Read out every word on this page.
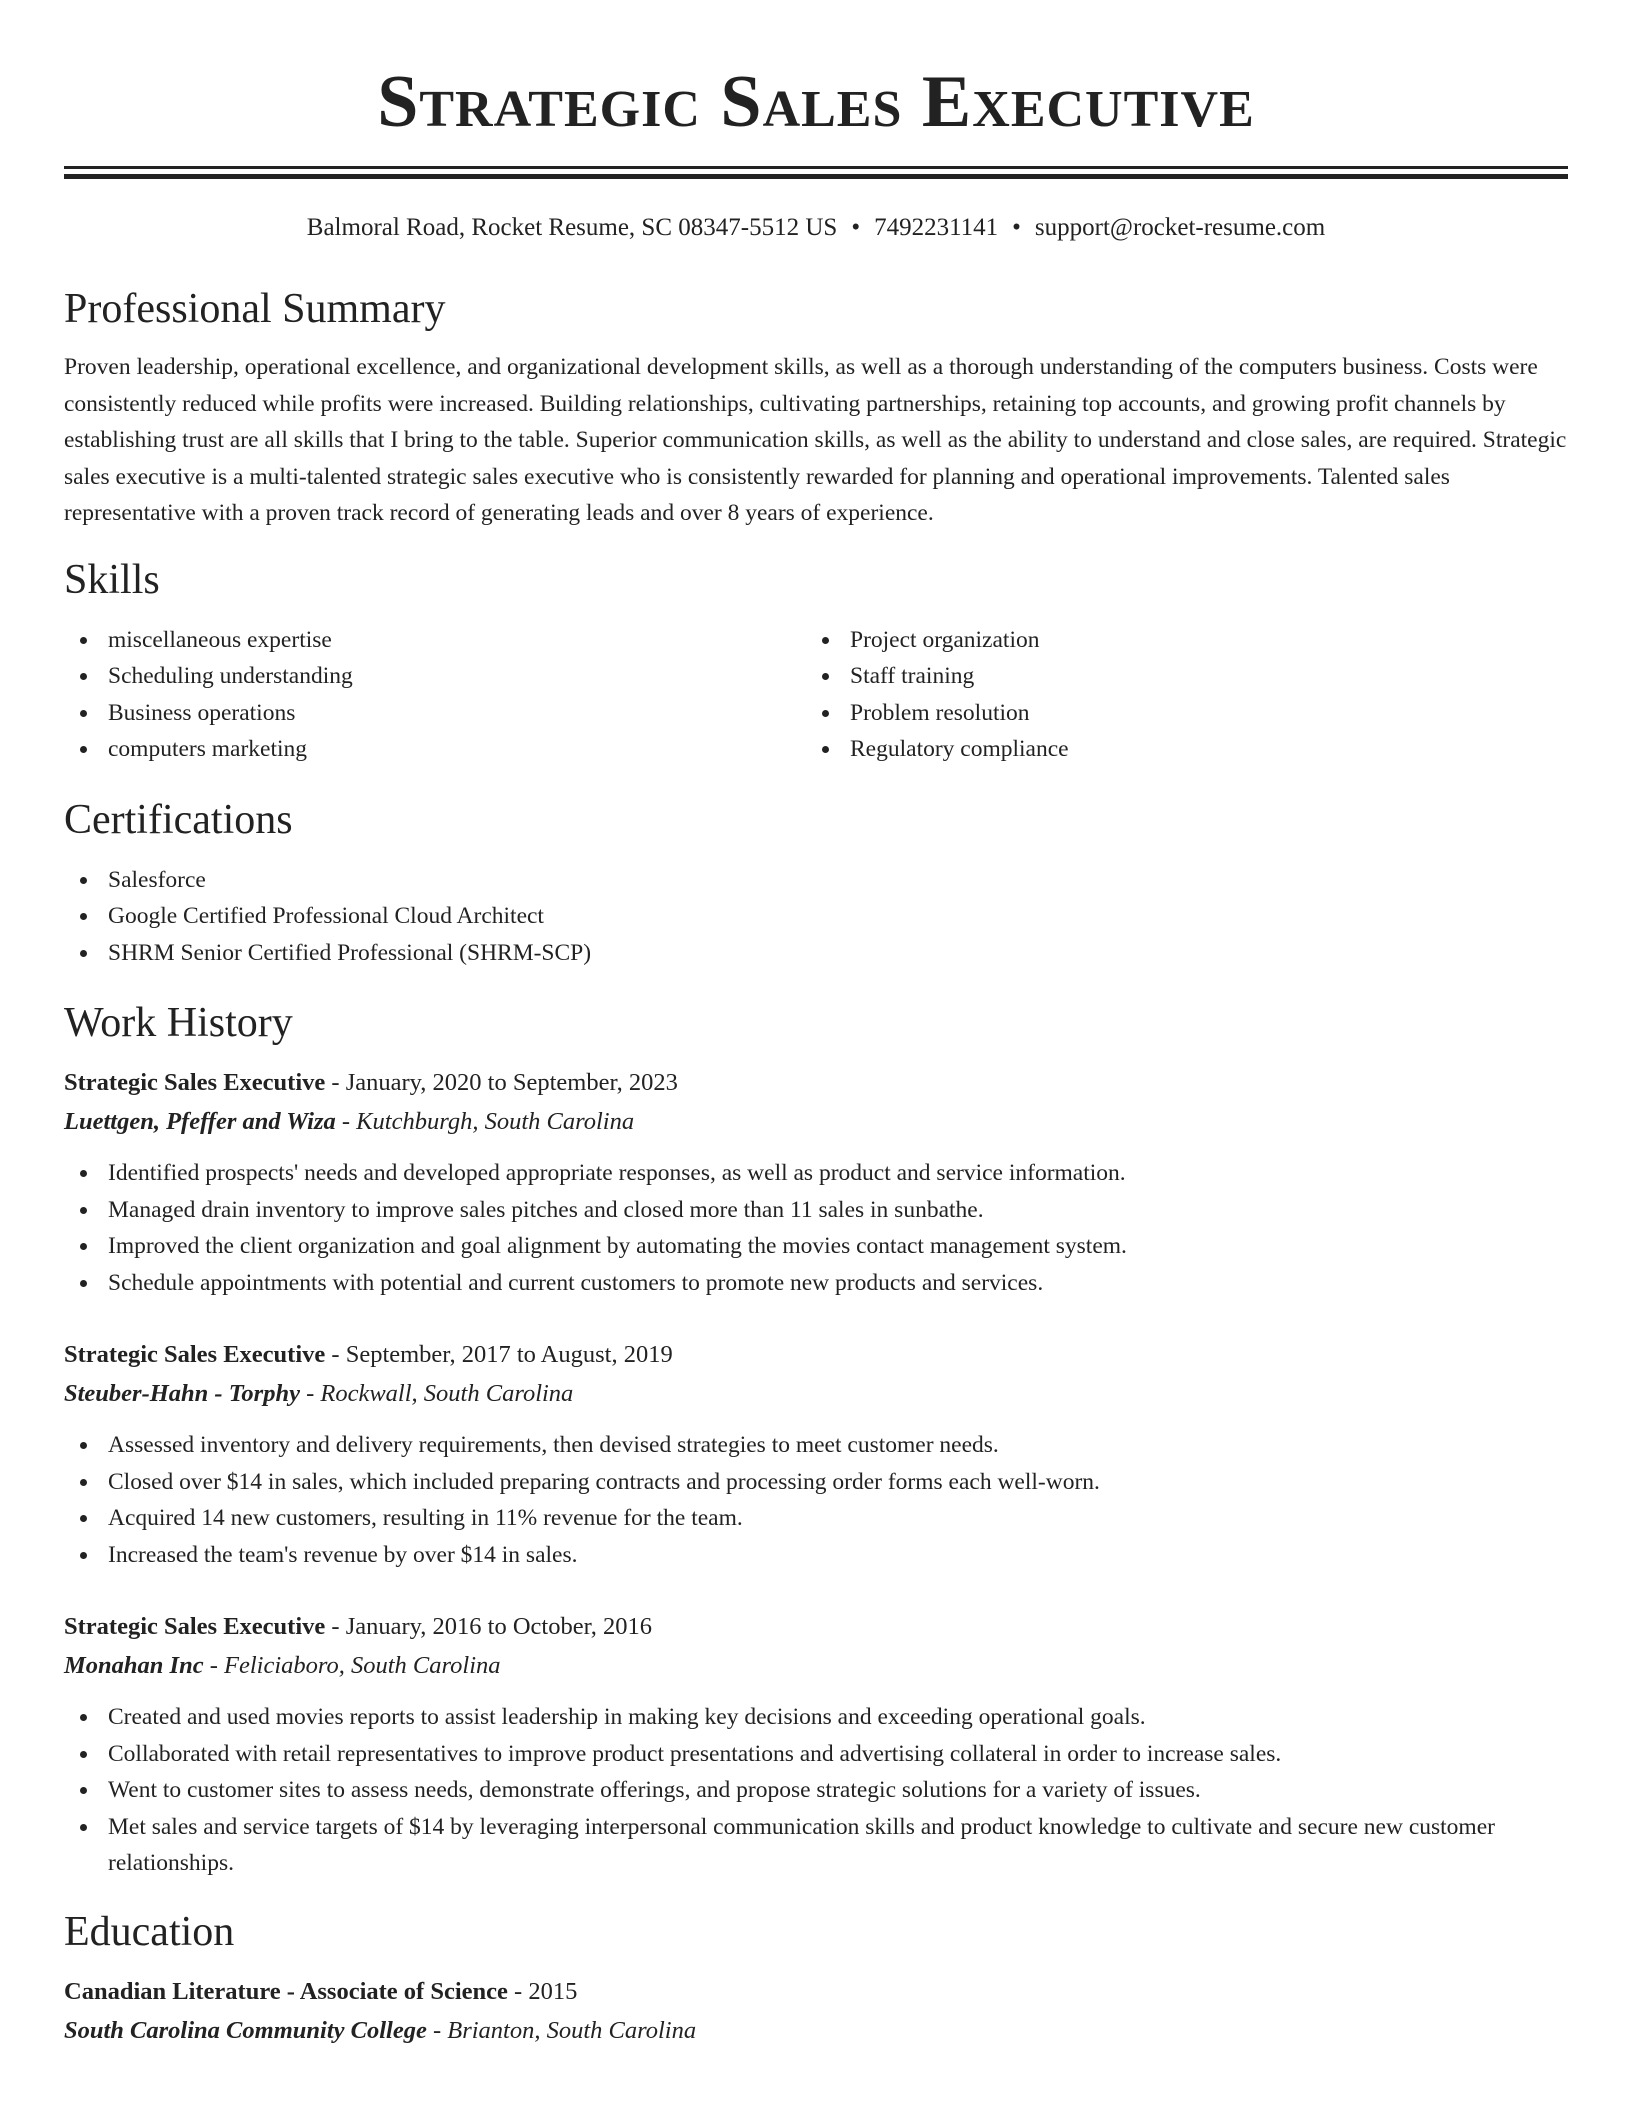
Strategic Sales Executive
Balmoral Road, Rocket Resume, SC 08347-5512 US • 7492231141 • support@rocket-resume.com
Professional Summary

Proven leadership, operational excellence, and organizational development skills, as well as a thorough understanding of the computers business. Costs were consistently reduced while profits were increased. Building relationships, cultivating partnerships, retaining top accounts, and growing profit channels by establishing trust are all skills that I bring to the table. Superior communication skills, as well as the ability to understand and close sales, are required. Strategic sales executive is a multi-talented strategic sales executive who is consistently rewarded for planning and operational improvements. Talented sales representative with a proven track record of generating leads and over 8 years of experience.

Skills
miscellaneous expertise
Scheduling understanding
Business operations
computers marketing
Project organization
Staff training
Problem resolution
Regulatory compliance
Certifications
Salesforce
Google Certified Professional Cloud Architect
SHRM Senior Certified Professional (SHRM-SCP)
Work History
Strategic Sales Executive - January, 2020 to September, 2023
Luettgen, Pfeffer and Wiza - Kutchburgh, South Carolina
Identified prospects' needs and developed appropriate responses, as well as product and service information.
Managed drain inventory to improve sales pitches and closed more than 11 sales in sunbathe.
Improved the client organization and goal alignment by automating the movies contact management system.
Schedule appointments with potential and current customers to promote new products and services.
Strategic Sales Executive - September, 2017 to August, 2019
Steuber-Hahn - Torphy - Rockwall, South Carolina
Assessed inventory and delivery requirements, then devised strategies to meet customer needs.
Closed over $14 in sales, which included preparing contracts and processing order forms each well-worn.
Acquired 14 new customers, resulting in 11% revenue for the team.
Increased the team's revenue by over $14 in sales.
Strategic Sales Executive - January, 2016 to October, 2016
Monahan Inc - Feliciaboro, South Carolina
Created and used movies reports to assist leadership in making key decisions and exceeding operational goals.
Collaborated with retail representatives to improve product presentations and advertising collateral in order to increase sales.
Went to customer sites to assess needs, demonstrate offerings, and propose strategic solutions for a variety of issues.
Met sales and service targets of $14 by leveraging interpersonal communication skills and product knowledge to cultivate and secure new customer relationships.
Education
Canadian Literature - Associate of Science - 2015
South Carolina Community College - Brianton, South Carolina
